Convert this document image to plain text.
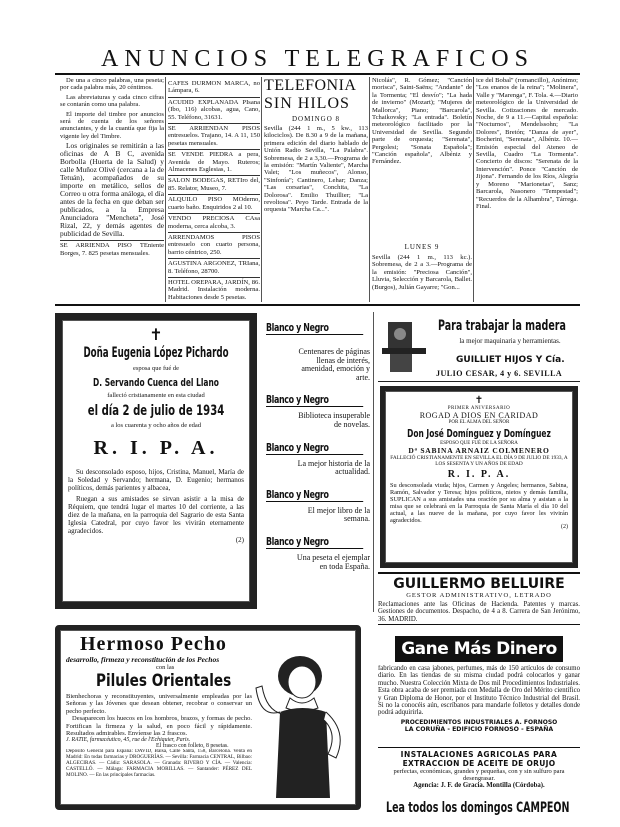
ANUNCIOS TELEGRAFICOS

De una a cinco palabras, una peseta; por cada palabra más, 20 céntimos.

Las abreviaturas y cada cinco cifras se contarán como una palabra.

El importe del timbre por anuncios será de cuenta de los señores anunciantes, y de la cuantía que fija la vigente ley del Timbre.

Los originales se remitirán a las oficinas de A B C, avenida Borbolla (Huerta de la Salud) y calle Muñoz Olivé (cercana a la de Tetuán), acompañados de su importe en metálico, sellos de Correo u otra forma análoga, el día antes de la fecha en que deban ser publicados, a la Empresa Anunciadora "Mencheta", José Rizal, 22, y demás agentes de publicidad de Sevilla.

SE ARRIENDA PISO TEniente Borges, 7. 825 pesetas mensuales.

CAFES DURMON MARCA, no Lámpara, 6.

ACUDID EXPLANADA PIsana (Ibo, 116) alcobas, agua, Cano, 55. Teléfono, 31631.

SE ARRIENDAN PISOS entresuelos. Trajano, 14. A 11, 150 pesetas mensuales.

SE VENDE PIEDRA a pera, Avenida de Mayo. Ruteros; Almacenes Esglesias, 1.

SALON BODEGAS, RETIro del, 85. Relator, Museo, 7.

ALQUILO PISO MOderno, cuarto baño. Enquiridos 2 al 10.

VENDO PRECIOSA CAsa moderna, cerca alcoba, 3.

ARRENDAMOS PISOS entresuelo con cuarto persona, barrio céntrico, 250.

AGUSTINA ARGONEZ, TRIana, 8. Teléfono, 28700.

HOTEL OREPARA, JARDÍN, 86. Madrid. Instalación moderna. Habitaciones desde 5 pesetas.

TELEFONIA
SIN HILOS
DOMINGO 8
Sevilla (244 1 m., 5 kw., 113 kilociclos). De 8.30 a 9 de la mañana, primera edición del diario hablado de Unión Radio Sevilla, "La Palabra". Sobremesa, de 2 a 3,30.—Programa de la emisión: "Martín Valiente", Marcha Valet; "Los muñecos", Alonso, "Sinfonía"; Cantinero, Lehar; Danza; "Las corsarias", Conchita, "La Dolorosa". Emilio Thuillier; "La revoltosa". Peyo Tarde. Entrada de la orquesta "Marcha Ca...".
Nicolás", R. Gómez; "Canción morisca", Saint-Saëns; "Andante" de la Tormenta; "El desvío"; "La hada de invierno" (Mozart); "Mujeres de Mallorca", Piano; "Barcarola", Tchaikovsky; "La entrada". Boletín meteorológico facilitado por la Universidad de Sevilla. Segundo parte de orquesta; "Serenata", Pergolesi; "Sonata Española"; "Canción española", Albéniz y Fernández.
LUNES 9
Sevilla (244 1 m., 113 kc.). Sobremesa, de 2 a 3.—Programa de la emisión: "Preciosa Canción", Lluvia, Selección y Barcarola, Ballet. (Burgos), Julián Gayarre; "Gon...
ice del Bobal" (romancillo), Anónimo; "Los enanos de la reina"; "Molinera", Valle y "Marenga", F. Tola. 4.—Diario meteorológico de la Universidad de Sevilla. Cotizaciones de mercado. Noche, de 9 a 11.—Capital española: "Nocturnos", Mendelssohn; "La Dolores", Bretón; "Danza de ayer", Bocherini, "Serenata", Albéniz. 10.—Emisión especial del Ateneo de Sevilla, Cuadro "La Tormenta". Concierto de discos: "Serenata de la Intervención". Ponce "Canción de Jijona". Fernando de los Ríos, Alegría y Moreno "Marionetas", Sanz; Barcarola, Nasonero "Tempestad"; "Recuerdos de la Alhambra", Tárrega. Final.
✝
Doña Eugenia López Pichardo
esposa que fué de
D. Servando Cuenca del Llano
falleció cristianamente en esta ciudad
el día 2 de julio de 1934
a los cuarenta y ocho años de edad
R. I. P. A.
Su desconsolado esposo, hijos, Cristina, Manuel, María de la Soledad y Servando; hermana, D. Eugenio; hermanos políticos, demás parientes y albacea,
Ruegan a sus amistades se sirvan asistir a la misa de Réquiem, que tendrá lugar el martes 10 del corriente, a las diez de la mañana, en la parroquia del Sagrario de esta Santa Iglesia Catedral, por cuyo favor les vivirán eternamente agradecidos.
(2)
Blanco y Negro
Centenares de páginas llenas de interés, amenidad, emoción y arte.
Blanco y Negro
Biblioteca insuperable de novelas.
Blanco y Negro
La mejor historia de la actualidad.
Blanco y Negro
El mejor libro de la semana.
Blanco y Negro
Una peseta el ejemplar en toda España.
Para trabajar la madera
la mejor maquinaria y herramientas.
GUILLIET HIJOS Y Cía.
JULIO CESAR, 4 y 6. SEVILLA
✝
PRIMER ANIVERSARIO
ROGAD A DIOS EN CARIDAD
POR EL ALMA DEL SEÑOR
Don José Domínguez y Domínguez
ESPOSO QUE FUÉ DE LA SEÑORA
Dª SABINA ARNAIZ COLMENERO
FALLECIÓ CRISTIANAMENTE EN SEVILLA EL DÍA 9 DE JULIO DE 1933, A LOS SESENTA Y UN AÑOS DE EDAD
R. I. P. A.
Su desconsolada viuda; hijos, Carmen y Ángeles; hermanos, Sabina, Ramón, Salvador y Teresa; hijos políticos, nietos y demás familia, SUPLICAN a sus amistades una oración por su alma y asistan a la misa que se celebrará en la Parroquia de Santa María el día 10 del actual, a las nueve de la mañana, por cuyo favor les vivirán agradecidos.
(2)
GUILLERMO BELLUIRE
GESTOR ADMINISTRATIVO, LETRADO
Reclamaciones ante las Oficinas de Hacienda. Patentes y marcas. Gestiones de documentos. Despacho, de 4 a 8. Carrera de San Jerónimo, 36. MADRID.
Gane Más Dinero
fabricando en casa jabones, perfumes, más de 150 artículos de consumo diario. En las tiendas de su misma ciudad podrá colocarlos y ganar mucho. Nuestra Colección Mixta de Dos mil Procedimientos Industriales. Esta obra acaba de ser premiada con Medalla de Oro del Mérito científico y Gran Diploma de Honor, por el Instituto Técnico Industrial del Brasil. Si no la conocéis aún, escríbanos para mandarle folletos y detalles donde podrá adquirirla.
PROCEDIMIENTOS INDUSTRIALES A. FORNOSO
LA CORUÑA - EDIFICIO FORNOSO - ESPAÑA
INSTALACIONES AGRICOLAS PARA
EXTRACCION DE ACEITE DE ORUJO
perfectas, económicas, grandes y pequeñas, con y sin sulfuro para desengrasar.
Agencia: J. F. de Gracia. Montilla (Córdoba).
Lea todos los domingos CAMPEON
Hermoso Pecho
desarrollo, firmeza y reconstitución de los Pechos
con las
Pilules Orientales
Bienhechoras y reconstituyentes, universalmente empleadas por las Señoras y las Jóvenes que desean obtener, recobrar o conservar un pecho perfecto.
Desaparecen los huecos en los hombros, brazos, y formas de pecho. Fortifican la firmeza y la salud, en poco fácil y rápidamente. Resultados admirables. Envíense las 2 frascos.
J. RATIE, farmacéutico, 45, rue de l'Echiquier, Paris.
El frasco con folleto, 8 pesetas.
Depósito General para España: DAVID, Balsa, Calle Santa, 158, Barcelona. Venta en Madrid: En todas farmacias y DROGUERÍAS. — Sevilla: Farmacia CENTRAL, Bilbao: ALGECIRAS. — Cádiz: SARASOLA. — Granada: RIVERO Y CÍA. — Valencia: CASTELLÓ. — Málaga: FARMACIA MORILLAS. — Santander: PÉREZ DEL MOLINO. — En las principales farmacias.
